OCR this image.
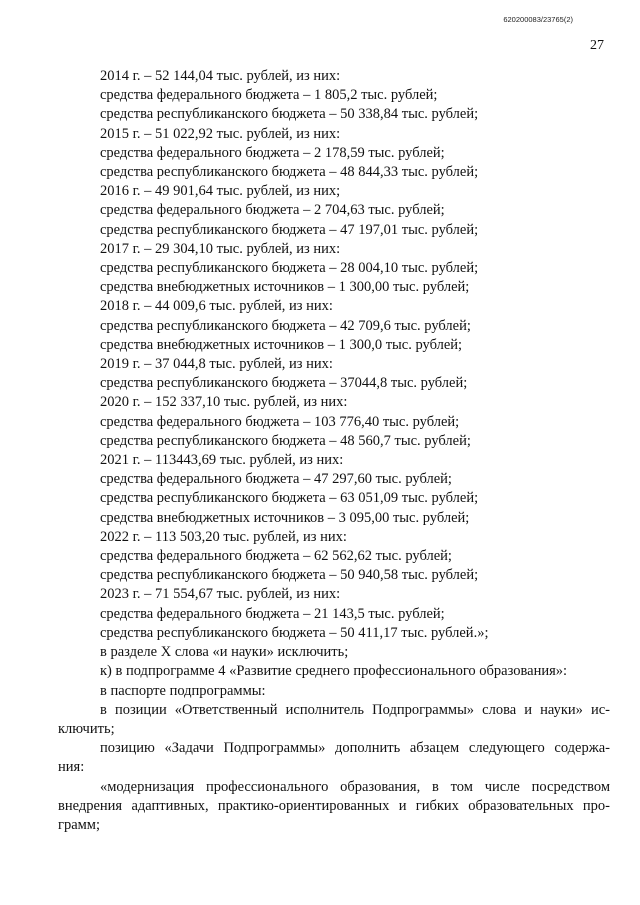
620200083/23765(2)
27

2014 г. – 52 144,04 тыс. рублей, из них:

средства федерального бюджета – 1 805,2 тыс. рублей;

средства республиканского бюджета – 50 338,84 тыс. рублей;

2015 г. – 51 022,92 тыс. рублей, из них:

средства федерального бюджета – 2 178,59 тыс. рублей;

средства республиканского бюджета – 48 844,33 тыс. рублей;

2016 г. – 49 901,64 тыс. рублей, из них;

средства федерального бюджета – 2 704,63 тыс. рублей;

средства республиканского бюджета – 47 197,01 тыс. рублей;

2017 г. – 29 304,10 тыс. рублей, из них:

средства республиканского бюджета – 28 004,10 тыс. рублей;

средства внебюджетных источников – 1 300,00 тыс. рублей;

2018 г. – 44 009,6 тыс. рублей, из них:

средства республиканского бюджета – 42 709,6 тыс. рублей;

средства внебюджетных источников – 1 300,0 тыс. рублей;

2019 г. – 37 044,8 тыс. рублей, из них:

средства республиканского бюджета – 37044,8 тыс. рублей;

2020 г. – 152 337,10 тыс. рублей, из них:

средства федерального бюджета – 103 776,40 тыс. рублей;

средства республиканского бюджета – 48 560,7 тыс. рублей;

2021 г. – 113443,69 тыс. рублей, из них:

средства федерального бюджета – 47 297,60 тыс. рублей;

средства республиканского бюджета – 63 051,09 тыс. рублей;

средства внебюджетных источников – 3 095,00 тыс. рублей;

2022 г. – 113 503,20 тыс. рублей, из них:

средства федерального бюджета – 62 562,62 тыс. рублей;

средства республиканского бюджета – 50 940,58 тыс. рублей;

2023 г. – 71 554,67 тыс. рублей, из них:

средства федерального бюджета – 21 143,5 тыс. рублей;

средства республиканского бюджета – 50 411,17 тыс. рублей.»;

в разделе X слова «и науки» исключить;

к) в подпрограмме 4 «Развитие среднего профессионального образования»:

в паспорте подпрограммы:

в позиции «Ответственный исполнитель Подпрограммы» слова и науки» ис-

ключить;

позицию «Задачи Подпрограммы» дополнить абзацем следующего содержа-

ния:

«модернизация профессионального образования, в том числе посредством

внедрения адаптивных, практико-ориентированных и гибких образовательных про-

грамм;
